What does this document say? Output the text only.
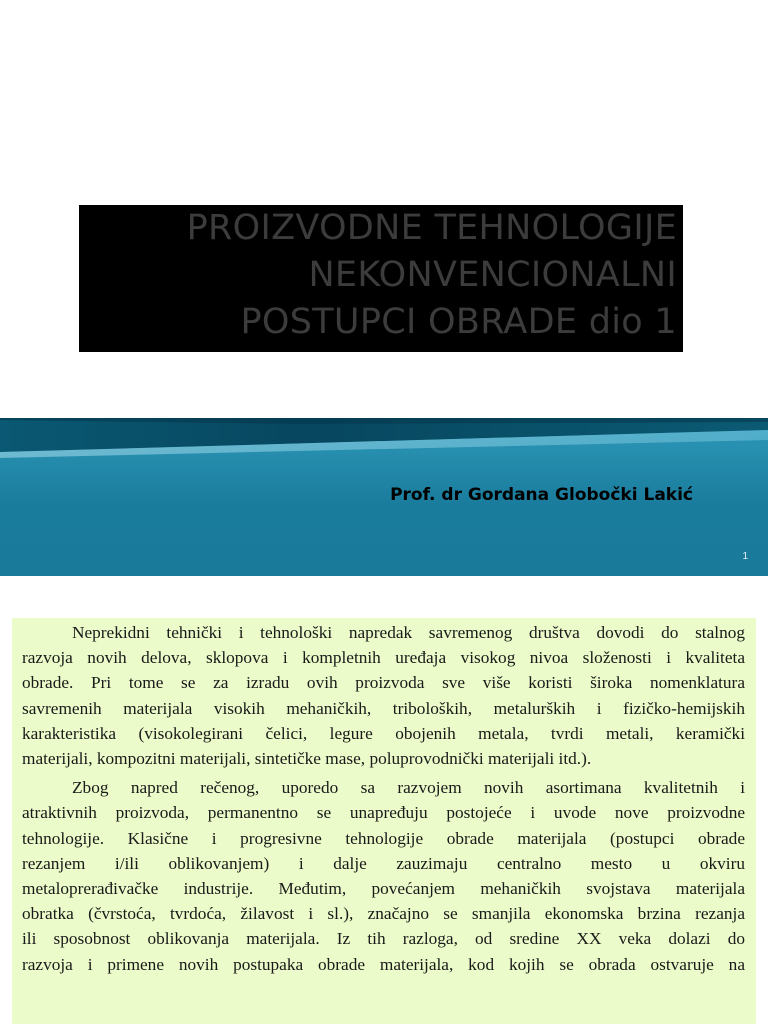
PROIZVODNE TEHNOLOGIJE
NEKONVENCIONALNI
POSTUPCI OBRADE dio 1
Prof. dr Gordana Globočki Lakić
1

Neprekidni tehnički i tehnološki napredak savremenog društva dovodi do stalnog
razvoja novih delova, sklopova i kompletnih uređaja visokog nivoa složenosti i kvaliteta
obrade. Pri tome se za izradu ovih proizvoda sve više koristi široka nomenklatura
savremenih materijala visokih mehaničkih, triboloških, metalurških i fizičko-hemijskih
karakteristika (visokolegirani čelici, legure obojenih metala, tvrdi metali, keramički
materijali, kompozitni materijali, sintetičke mase, poluprovodnički materijali itd.).

Zbog napred rečenog, uporedo sa razvojem novih asortimana kvalitetnih i
atraktivnih proizvoda, permanentno se unapređuju postojeće i uvode nove proizvodne
tehnologije. Klasične i progresivne tehnologije obrade materijala (postupci obrade
rezanjem i/ili oblikovanjem) i dalje zauzimaju centralno mesto u okviru
metaloprerađivačke industrije. Međutim, povećanjem mehaničkih svojstava materijala
obratka (čvrstoća, tvrdoća, žilavost i sl.), značajno se smanjila ekonomska brzina rezanja
ili sposobnost oblikovanja materijala. Iz tih razloga, od sredine XX veka dolazi do
razvoja i primene novih postupaka obrade materijala, kod kojih se obrada ostvaruje na
